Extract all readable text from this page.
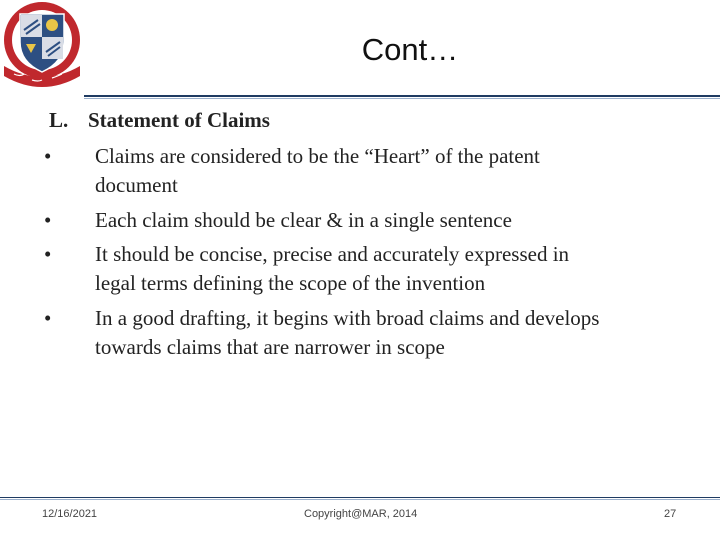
Cont…
L. Statement of Claims
• Claims are considered to be the “Heart” of the patent
document
• Each claim should be clear & in a single sentence
• It should be concise, precise and accurately expressed in
legal terms defining the scope of the invention
• In a good drafting, it begins with broad claims and develops
towards claims that are narrower in scope
12/16/2021	Copyright@MAR, 2014	27
